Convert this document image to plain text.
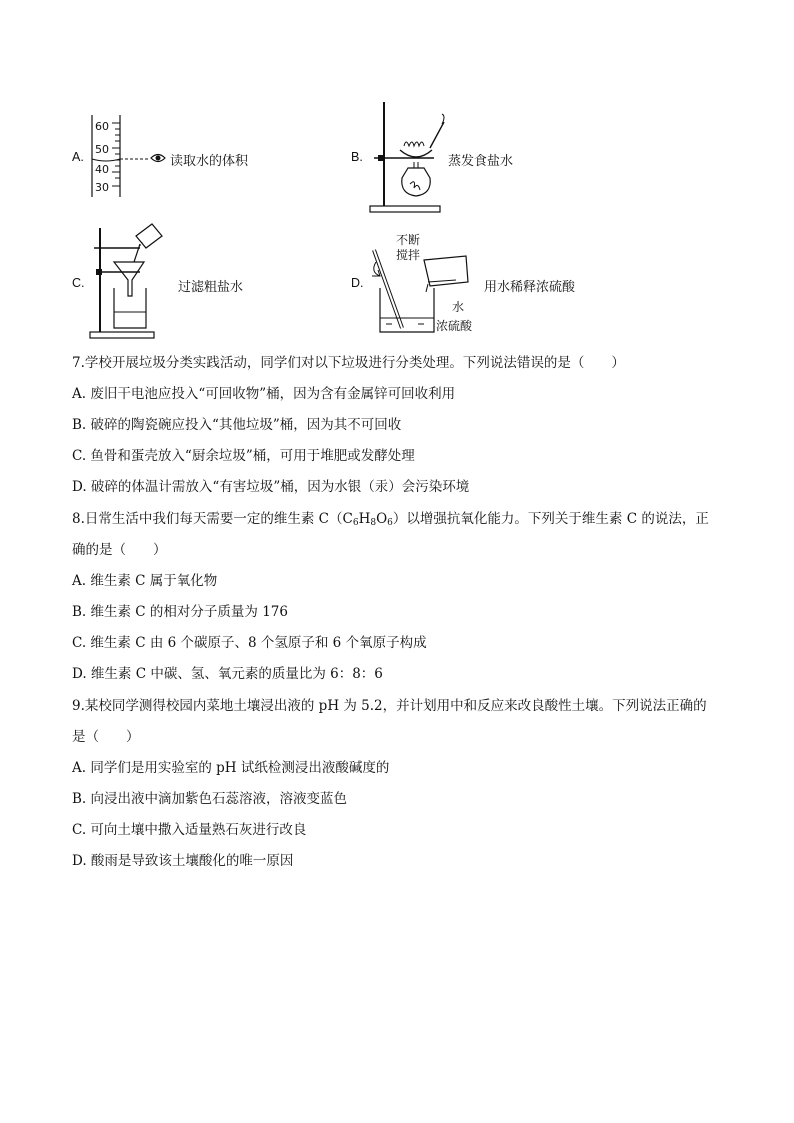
A.
60
50
40
30
读取水的体积	B.	蒸发食盐水
C.	过滤粗盐水	D.
不断
搅拌
水
浓硫酸
用水稀释浓硫酸
7.学校开展垃圾分类实践活动，同学们对以下垃圾进行分类处理。下列说法错误的是（　　）
A. 废旧干电池应投入“可回收物”桶，因为含有金属锌可回收利用
B. 破碎的陶瓷碗应投入“其他垃圾”桶，因为其不可回收
C. 鱼骨和蛋壳放入“厨余垃圾”桶，可用于堆肥或发酵处理
D. 破碎的体温计需放入“有害垃圾”桶，因为水银（汞）会污染环境
8.日常生活中我们每天需要一定的维生素 $C(C_6H_8O_6)$以增强抗氧化能力。下列关于维生素 C 的说法，正
确的是（　　）
A. 维生素 C 属于氧化物
B. 维生素 C 的相对分子质量为 176
C. 维生素 C 由 6 个碳原子、8 个氢原子和 6 个氧原子构成
D. 维生素 C 中碳、氢、氧元素的质量比为 6：8：6
9.某校同学测得校园内菜地土壤浸出液的 pH 为 5.2，并计划用中和反应来改良酸性土壤。下列说法正确的
是（　　）
A. 同学们是用实验室的 pH 试纸检测浸出液酸碱度的
B. 向浸出液中滴加紫色石蕊溶液，溶液变蓝色
C. 可向土壤中撒入适量熟石灰进行改良
D. 酸雨是导致该土壤酸化的唯一原因
